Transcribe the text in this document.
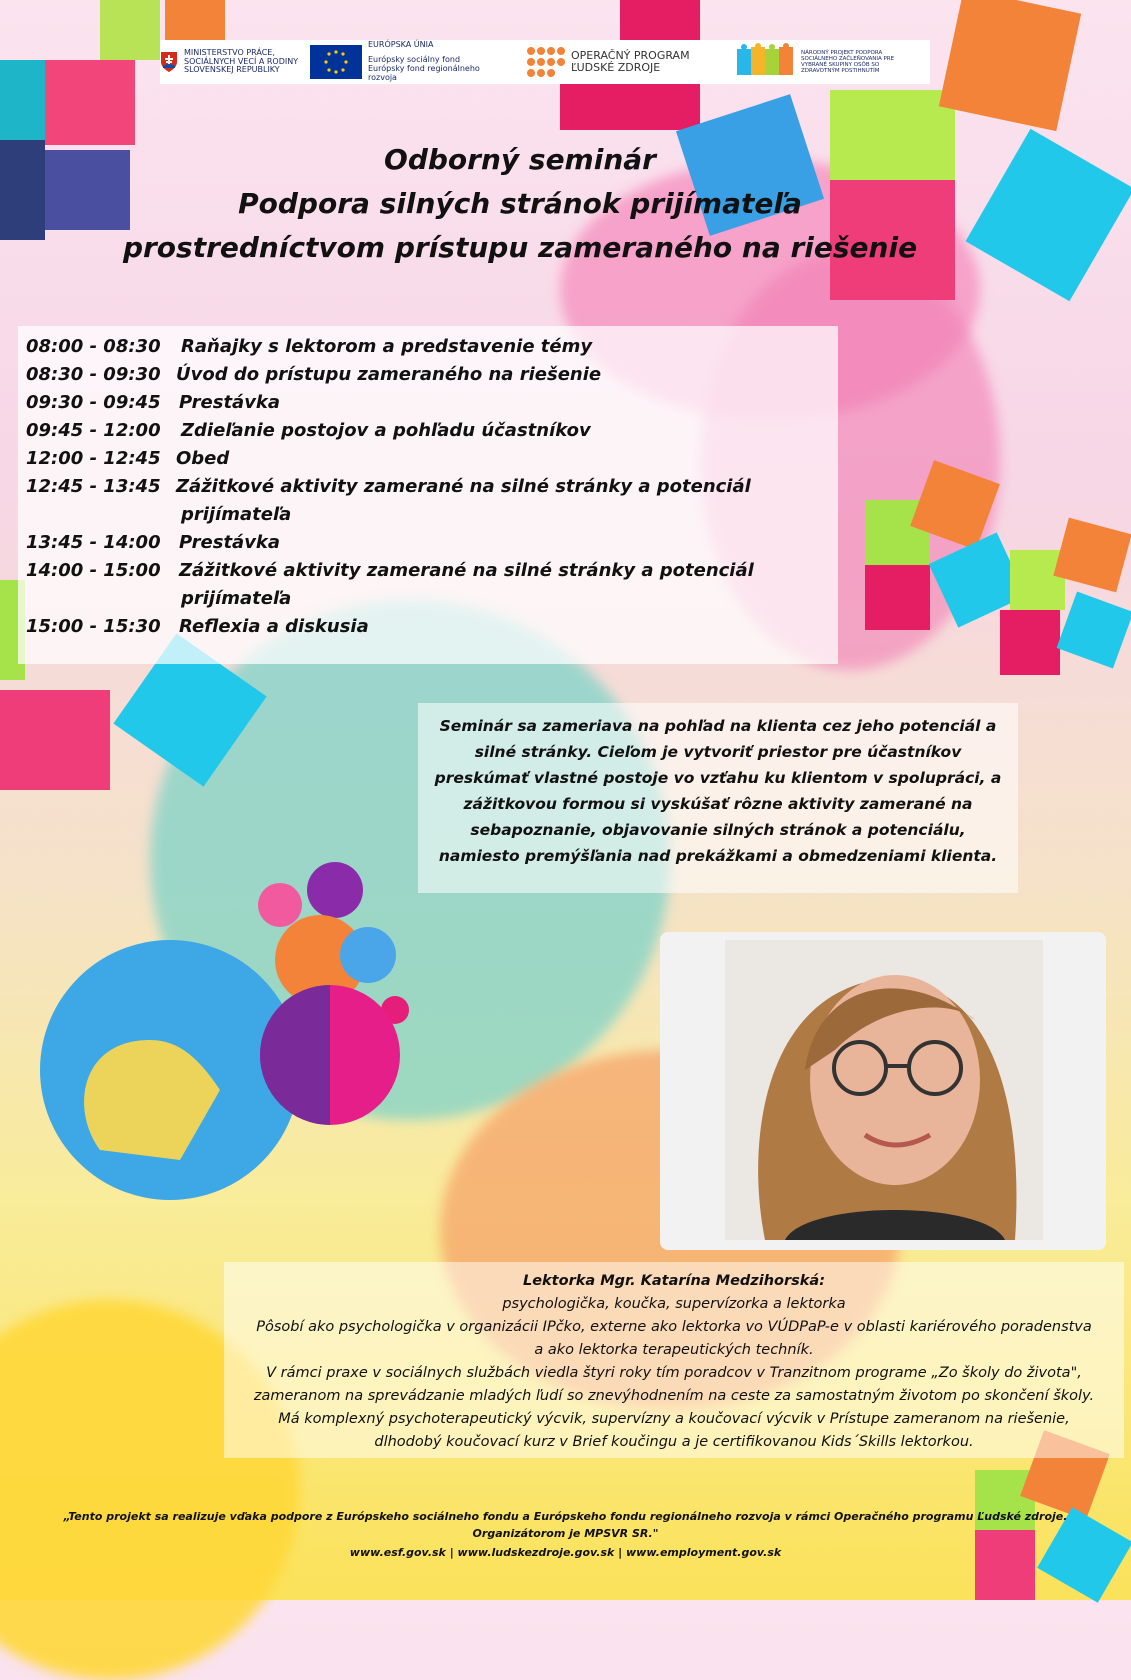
MINISTERSTVO PRÁCE, SOCIÁLNYCH VECÍ A RODINY SLOVENSKEJ REPUBLIKY
EURÓPSKA ÚNIA
Európsky sociálny fond Európsky fond regionálneho rozvoja
OPERAČNÝ PROGRAM ĽUDSKÉ ZDROJE
NÁRODNÝ PROJEKT PODPORA SOCIÁLNEHO ZAČLEŇOVANIA PRE VYBRANÉ SKUPINY OSÔB SO ZDRAVOTNÝM POSTIHNUTÍM
Odborný seminár
Podpora silných stránok prijímateľa
prostredníctvom prístupu zameraného na riešenie
08:00 - 08:30 Raňajky s lektorom a predstavenie témy
08:30 - 09:30 Úvod do prístupu zameraného na riešenie
09:30 - 09:45 Prestávka
09:45 - 12:00 Zdieľanie postojov a pohľadu účastníkov
12:00 - 12:45 Obed
12:45 - 13:45 Zážitkové aktivity zamerané na silné stránky a potenciál
prijímateľa
13:45 - 14:00 Prestávka
14:00 - 15:00 Zážitkové aktivity zamerané na silné stránky a potenciál
prijímateľa
15:00 - 15:30 Reflexia a diskusia
Seminár sa zameriava na pohľad na klienta cez jeho potenciál a
silné stránky. Cieľom je vytvoriť priestor pre účastníkov
preskúmať vlastné postoje vo vzťahu ku klientom v spolupráci, a
zážitkovou formou si vyskúšať rôzne aktivity zamerané na
sebapoznanie, objavovanie silných stránok a potenciálu,
namiesto premýšľania nad prekážkami a obmedzeniami klienta.
Lektorka Mgr. Katarína Medzihorská:
psychologička, koučka, supervízorka a lektorka
Pôsobí ako psychologička v organizácii IPčko, externe ako lektorka vo VÚDPaP-e v oblasti kariérového poradenstva
a ako lektorka terapeutických techník.
V rámci praxe v sociálnych službách viedla štyri roky tím poradcov v Tranzitnom programe „Zo školy do života",
zameranom na sprevádzanie mladých ľudí so znevýhodnením na ceste za samostatným životom po skončení školy.
Má komplexný psychoterapeutický výcvik, supervízny a koučovací výcvik v Prístupe zameranom na riešenie,
dlhodobý koučovací kurz v Brief koučingu a je certifikovanou Kids´Skills lektorkou.
„Tento projekt sa realizuje vďaka podpore z Európskeho sociálneho fondu a Európskeho fondu regionálneho rozvoja v rámci Operačného programu Ľudské zdroje.
Organizátorom je MPSVR SR."
www.esf.gov.sk | www.ludskezdroje.gov.sk | www.employment.gov.sk
